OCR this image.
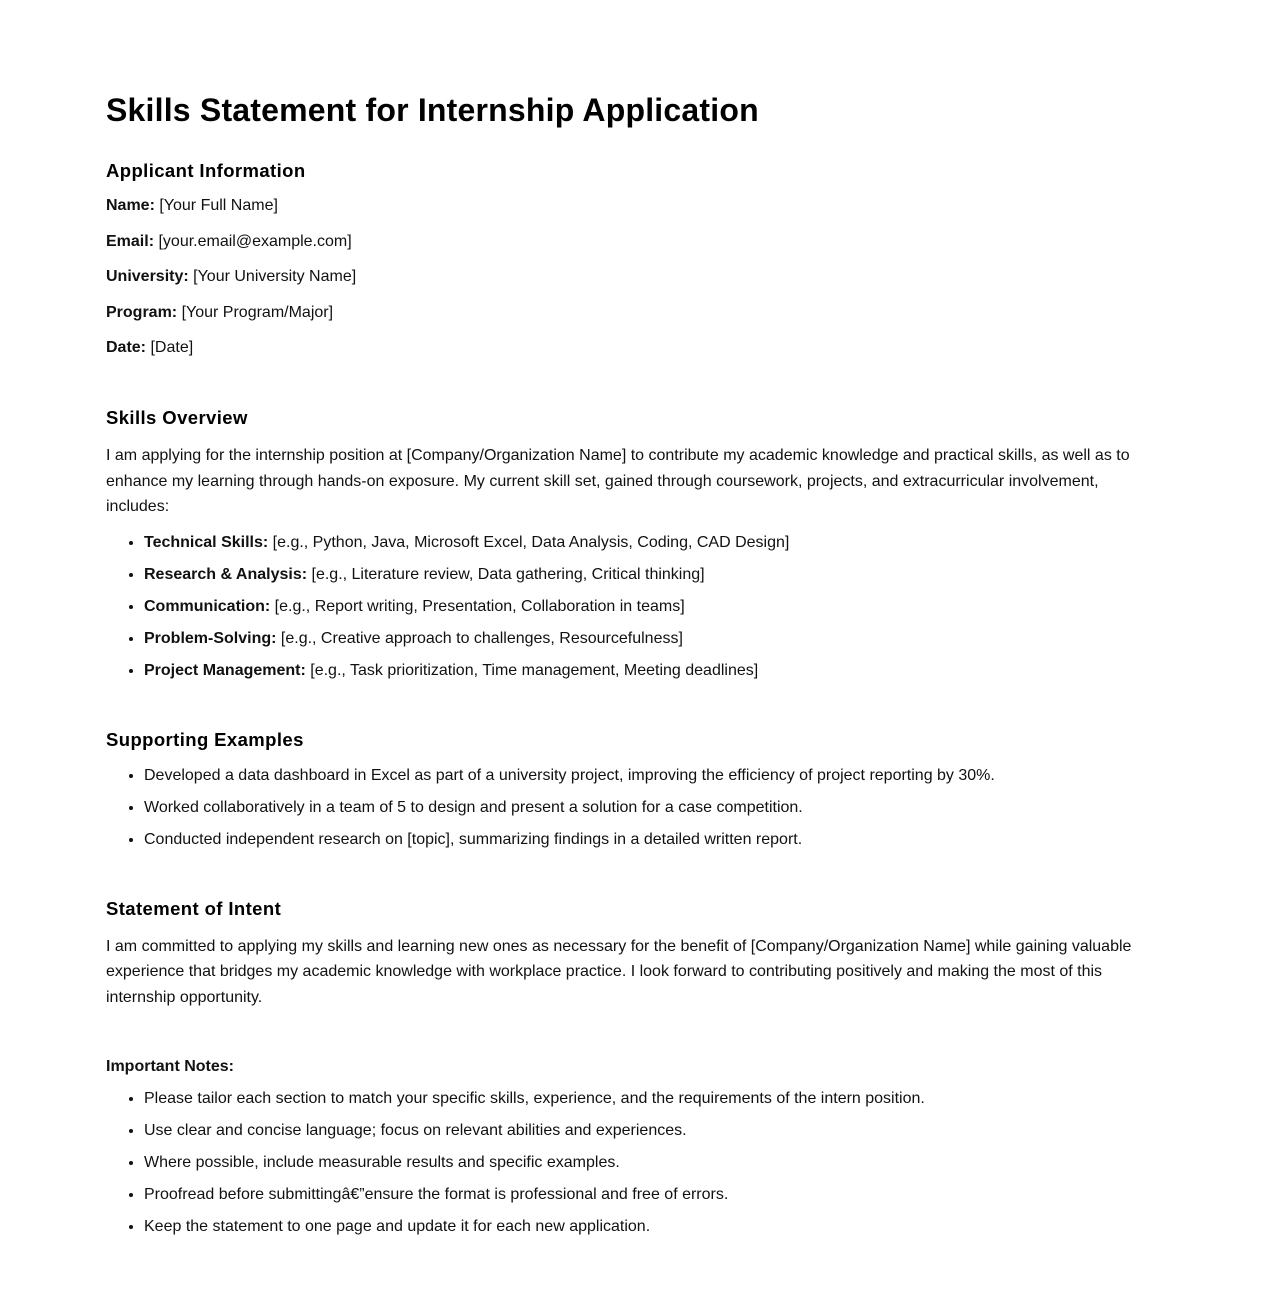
Skills Statement for Internship Application
Applicant Information

Name: [Your Full Name]

Email: [your.email@example.com]

University: [Your University Name]

Program: [Your Program/Major]

Date: [Date]

Skills Overview

I am applying for the internship position at [Company/Organization Name] to contribute my academic knowledge and practical skills, as well as to enhance my learning through hands-on exposure. My current skill set, gained through coursework, projects, and extracurricular involvement, includes:

• Technical Skills: [e.g., Python, Java, Microsoft Excel, Data Analysis, Coding, CAD Design]
• Research & Analysis: [e.g., Literature review, Data gathering, Critical thinking]
• Communication: [e.g., Report writing, Presentation, Collaboration in teams]
• Problem-Solving: [e.g., Creative approach to challenges, Resourcefulness]
• Project Management: [e.g., Task prioritization, Time management, Meeting deadlines]
Supporting Examples
• Developed a data dashboard in Excel as part of a university project, improving the efficiency of project reporting by 30%.
• Worked collaboratively in a team of 5 to design and present a solution for a case competition.
• Conducted independent research on [topic], summarizing findings in a detailed written report.
Statement of Intent

I am committed to applying my skills and learning new ones as necessary for the benefit of [Company/Organization Name] while gaining valuable experience that bridges my academic knowledge with workplace practice. I look forward to contributing positively and making the most of this internship opportunity.

Important Notes:

• Please tailor each section to match your specific skills, experience, and the requirements of the intern position.
• Use clear and concise language; focus on relevant abilities and experiences.
• Where possible, include measurable results and specific examples.
• Proofread before submittingâ€”ensure the format is professional and free of errors.
• Keep the statement to one page and update it for each new application.
